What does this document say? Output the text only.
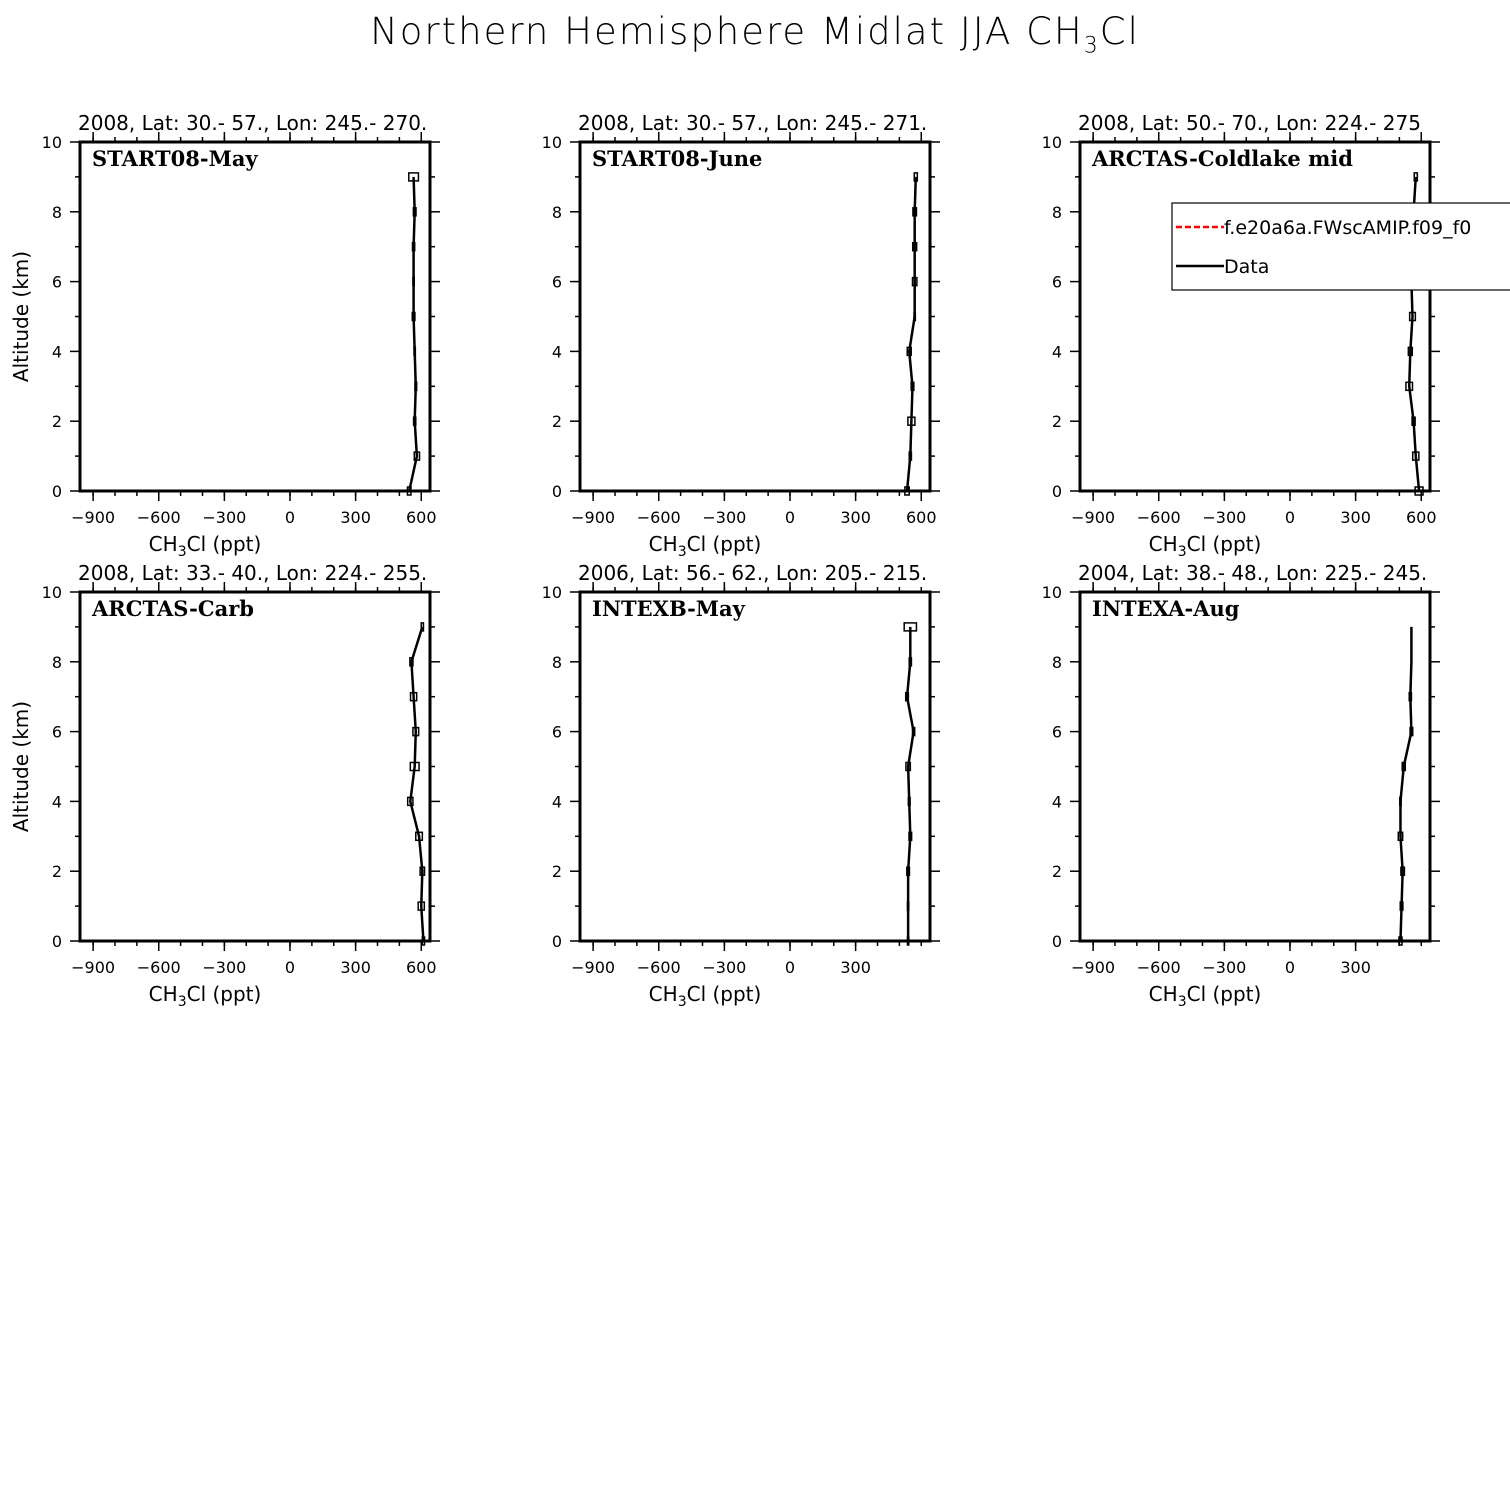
Northern Hemisphere Midlat JJA $CH_3Cl$
2008, Lat: 30.- 57., Lon: 245.- 270.
−900 −600 −300 0	300 600
0
2
4
6
8
10
$CH_3Cl$ (ppt)
Altitude (km)
START08-May
2008, Lat: 30.- 57., Lon: 245.- 271.
−900 −600 −300 0	300 600
0
2
4
6
8
10
$CH_3Cl$ (ppt)
START08-June
2008, Lat: 50.- 70., Lon: 224.- 275
−900 −600 −300 0	300 600
0
2
4
6
8
10
$CH_3Cl$ (ppt)
ARCTAS-Coldlake mid
2008, Lat: 33.- 40., Lon: 224.- 255.
−900 −600 −300 0	300 600
0
2
4
6
8
10
$CH_3Cl$ (ppt)
Altitude (km)
ARCTAS-Carb
2006, Lat: 56.- 62., Lon: 205.- 215.
−900 −600 −300 0	300
0
2
4
6
8
10
$CH_3Cl$ (ppt)
INTEXB-May
2004, Lat: 38.- 48., Lon: 225.- 245.
−900 −600 −300 0	300
0
2
4
6
8
10
$CH_3Cl$ (ppt)
INTEXA-Aug
f.e20a6a.FWscAMIP.f09_f0
Data
